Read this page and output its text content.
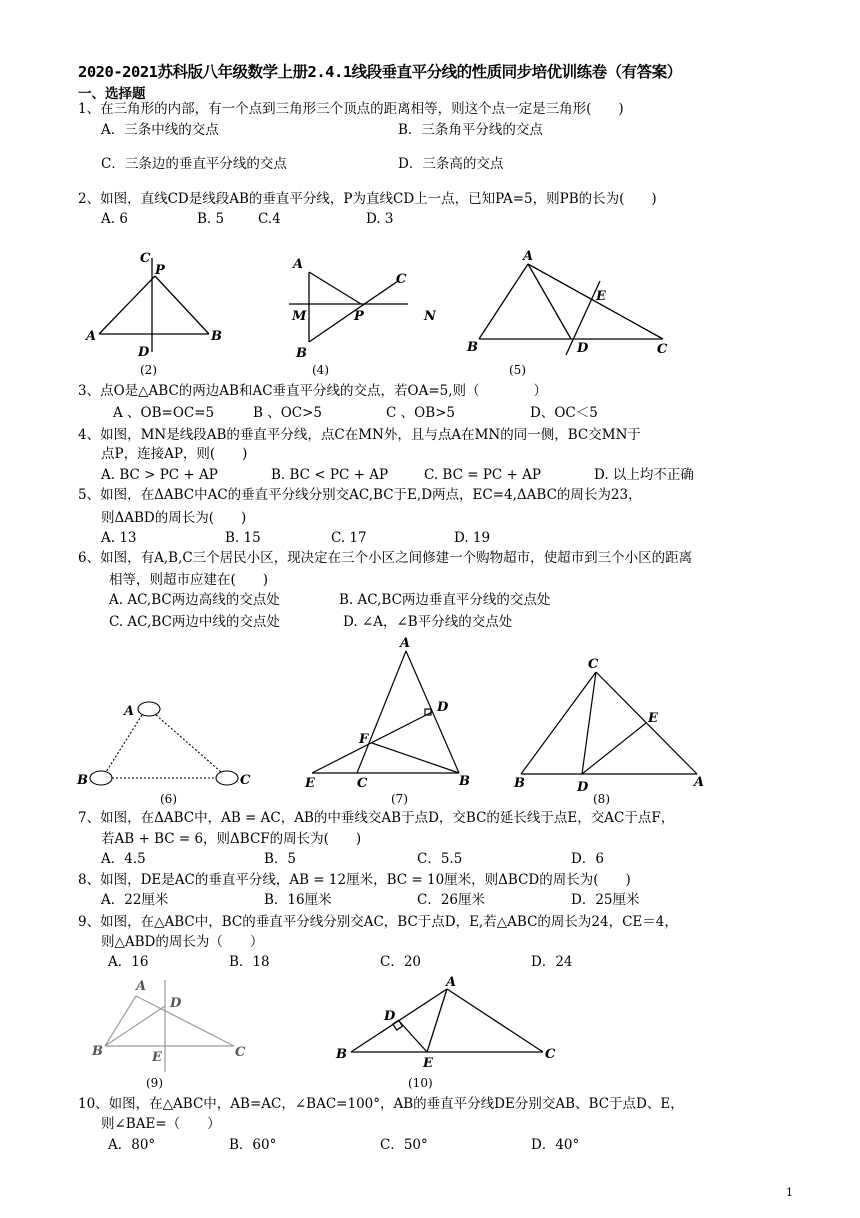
2020-2021苏科版八年级数学上册2.4.1线段垂直平分线的性质同步培优训练卷（有答案）
一、选择题
1、在三角形的内部，有一个点到三角形三个顶点的距离相等，则这个点一定是三角形(　　)
A．三条中线的交点	B．三条角平分线的交点
C．三条边的垂直平分线的交点	D．三条高的交点
2、如图，直线CD是线段AB的垂直平分线，P为直线CD上一点，已知PA=5，则PB的长为(　　)
A. 6	B. 5	C.4	D. 3
C
P
A	B
D
(2)
A
C
M	P	N
B
(4)
A
E
B	D	C
(5)
A
B	C
(6)
A
D
F
E	C	B
(7)
C
E
B	D	A
(8)
A
D
B	E	C
(9)
A
D
B
E
C
(10)
3、点O是△ABC的两边AB和AC垂直平分线的交点，若OA=5,则（　　　　）
A 、OB=OC=5	B 、OC>5	C 、OB>5	D、OC＜5
4、如图，MN是线段AB的垂直平分线，点C在MN外，且与点A在MN的同一侧，BC交MN于
点P，连接AP，则(　　)
A. BC > PC + AP	B. BC < PC + AP	C. BC = PC + AP	D. 以上均不正确
5、如图，在ΔABC中AC的垂直平分线分别交AC,BC于E,D两点，EC=4,ΔABC的周长为23，
则ΔABD的周长为(　　)
A. 13	B. 15	C. 17	D. 19
6、如图，有A,B,C三个居民小区，现决定在三个小区之间修建一个购物超市，使超市到三个小区的距离
相等，则超市应建在(　　)
A. AC,BC两边高线的交点处	B. AC,BC两边垂直平分线的交点处
C. AC,BC两边中线的交点处	D. ∠A，∠B平分线的交点处
7、如图，在ΔABC中，AB = AC，AB的中垂线交AB于点D，交BC的延长线于点E，交AC于点F，
若AB + BC = 6，则ΔBCF的周长为(　　)
A．4.5	B．5	C．5.5	D．6
8、如图，DE是AC的垂直平分线，AB = 12厘米，BC = 10厘米，则ΔBCD的周长为(　　)
A．22厘米	B．16厘米	C．26厘米	D．25厘米
9、如图，在△ABC中，BC的垂直平分线分别交AC，BC于点D，E,若△ABC的周长为24，CE＝4，
则△ABD的周长为（　　）
A．16	B．18	C．20	D．24
10、如图，在△ABC中，AB=AC，∠BAC=100°，AB的垂直平分线DE分别交AB、BC于点D、E，
则∠BAE=（　　）
A．80°	B．60°	C．50°	D．40°
1
